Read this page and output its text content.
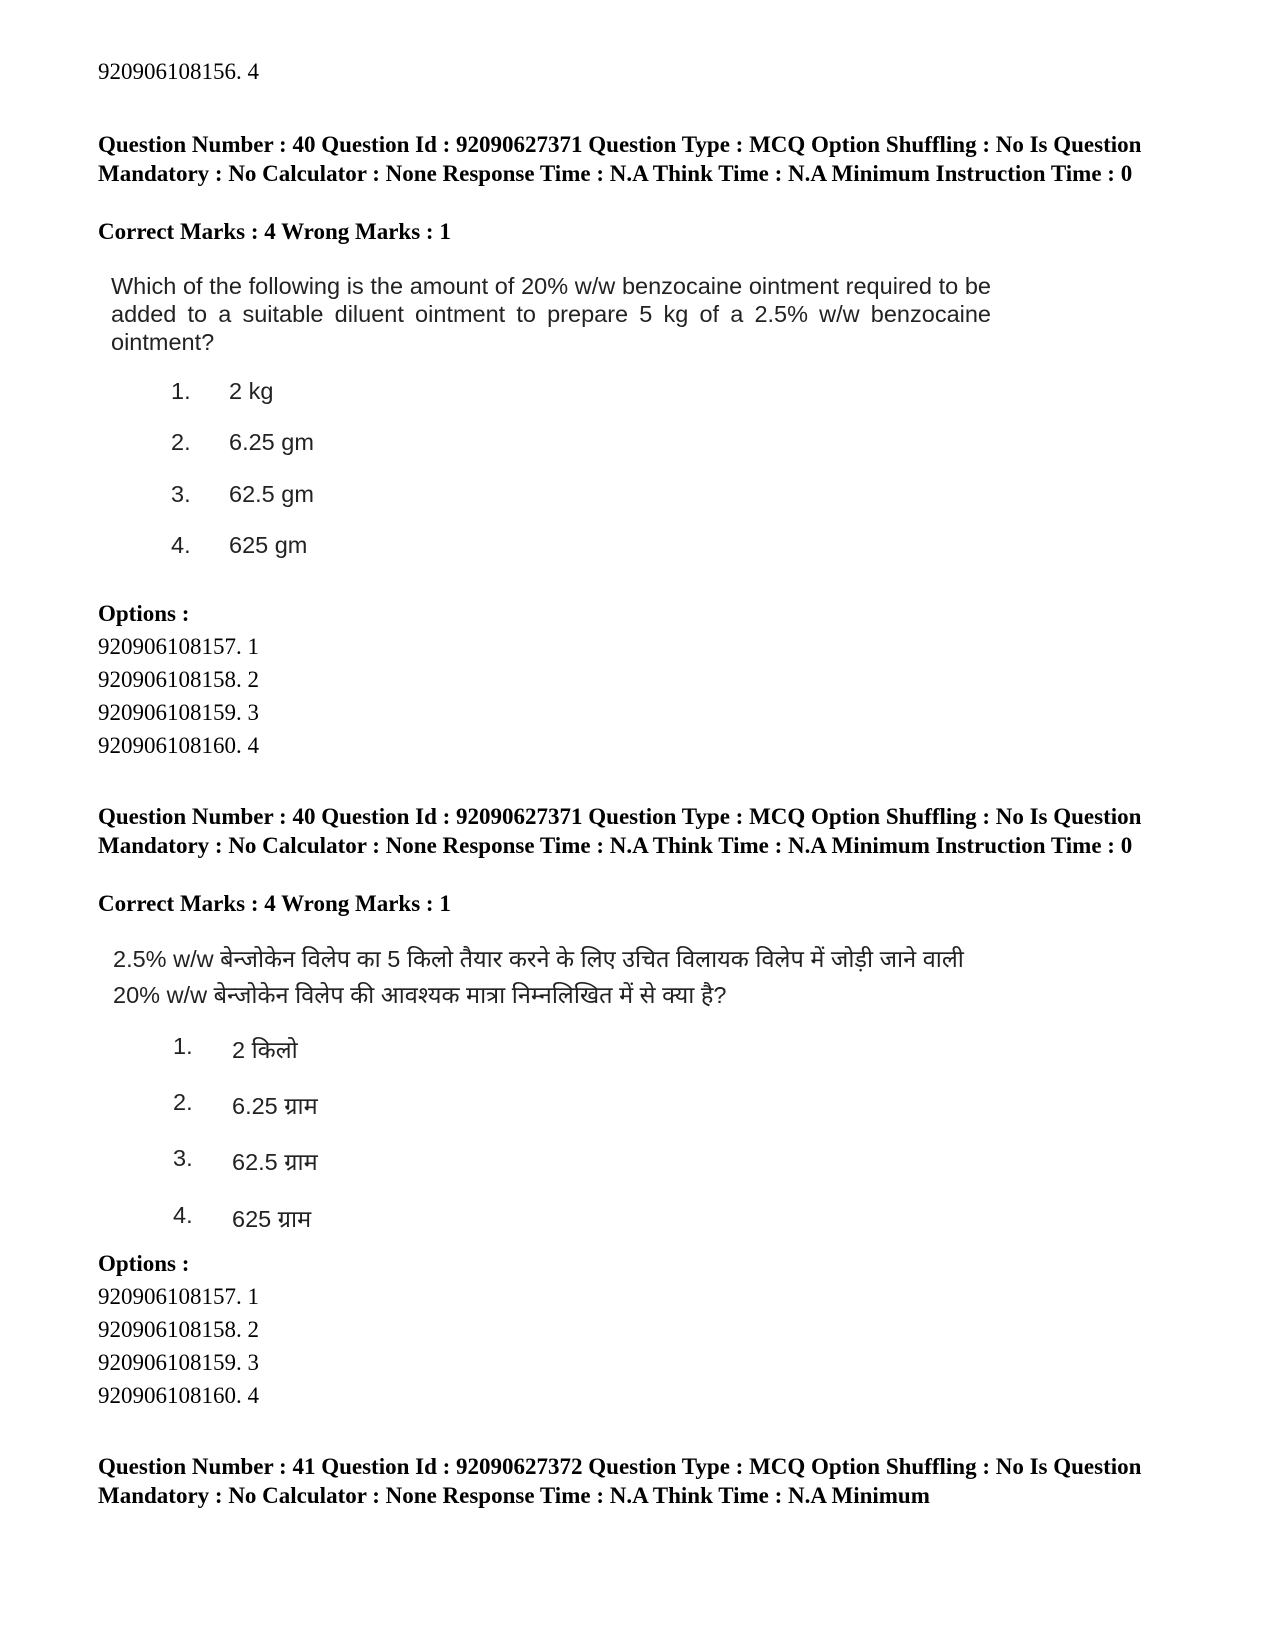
920906108156. 4
Question Number : 40 Question Id : 92090627371 Question Type : MCQ Option Shuffling : No Is Question Mandatory : No Calculator : None Response Time : N.A Think Time : N.A Minimum Instruction Time : 0
Correct Marks : 4 Wrong Marks : 1
Which of the following is the amount of 20% w/w benzocaine ointment required to be added to a suitable diluent ointment to prepare 5 kg of a 2.5% w/w benzocaine ointment?
1. 2 kg
2. 6.25 gm
3. 62.5 gm
4. 625 gm
Options :
920906108157. 1
920906108158. 2
920906108159. 3
920906108160. 4
Question Number : 40 Question Id : 92090627371 Question Type : MCQ Option Shuffling : No Is Question Mandatory : No Calculator : None Response Time : N.A Think Time : N.A Minimum Instruction Time : 0
Correct Marks : 4 Wrong Marks : 1
2.5% w/w बेन्जोकेन विलेप का 5 किलो तैयार करने के लिए उचित विलायक विलेप में जोड़ी जाने वाली 20% w/w बेन्जोकेन विलेप की आवश्यक मात्रा निम्नलिखित में से क्या है?
1. 2 किलो
2. 6.25 ग्राम
3. 62.5 ग्राम
4. 625 ग्राम
Options :
920906108157. 1
920906108158. 2
920906108159. 3
920906108160. 4
Question Number : 41 Question Id : 92090627372 Question Type : MCQ Option Shuffling : No Is Question Mandatory : No Calculator : None Response Time : N.A Think Time : N.A Minimum
